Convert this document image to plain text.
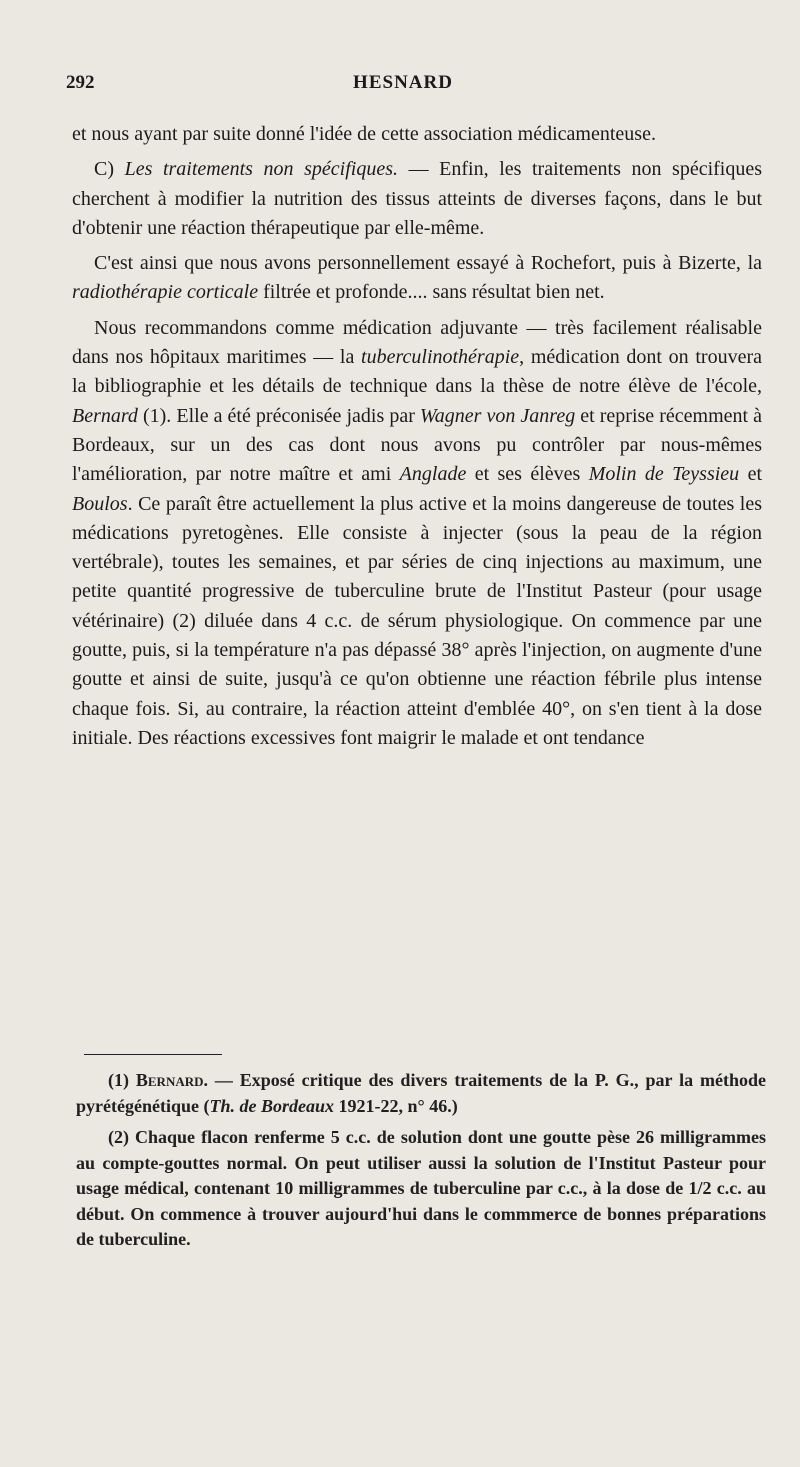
292	HESNARD

et nous ayant par suite donné l'idée de cette association médicamenteuse.

C) Les traitements non spécifiques. — Enfin, les traitements non spécifiques cherchent à modifier la nutrition des tissus atteints de diverses façons, dans le but d'obtenir une réaction thérapeutique par elle-même.

C'est ainsi que nous avons personnellement essayé à Rochefort, puis à Bizerte, la radiothérapie corticale filtrée et profonde.... sans résultat bien net.

Nous recommandons comme médication adjuvante — très facilement réalisable dans nos hôpitaux maritimes — la tuberculinothérapie, médication dont on trouvera la bibliographie et les détails de technique dans la thèse de notre élève de l'école, Bernard (1). Elle a été préconisée jadis par Wagner von Janreg et reprise récemment à Bordeaux, sur un des cas dont nous avons pu contrôler par nous-mêmes l'amélioration, par notre maître et ami Anglade et ses élèves Molin de Teyssieu et Boulos. Ce paraît être actuellement la plus active et la moins dangereuse de toutes les médications pyretogènes. Elle consiste à injecter (sous la peau de la région vertébrale), toutes les semaines, et par séries de cinq injections au maximum, une petite quantité progressive de tuberculine brute de l'Institut Pasteur (pour usage vétérinaire) (2) diluée dans 4 c.c. de sérum physiologique. On commence par une goutte, puis, si la température n'a pas dépassé 38° après l'injection, on augmente d'une goutte et ainsi de suite, jusqu'à ce qu'on obtienne une réaction fébrile plus intense chaque fois. Si, au contraire, la réaction atteint d'emblée 40°, on s'en tient à la dose initiale. Des réactions excessives font maigrir le malade et ont tendance

(1) Bernard. — Exposé critique des divers traitements de la P. G., par la méthode pyrétégénétique (Th. de Bordeaux 1921-22, n° 46.)

(2) Chaque flacon renferme 5 c.c. de solution dont une goutte pèse 26 milligrammes au compte-gouttes normal. On peut utiliser aussi la solution de l'Institut Pasteur pour usage médical, contenant 10 milligrammes de tuberculine par c.c., à la dose de 1/2 c.c. au début. On commence à trouver aujourd'hui dans le commmerce de bonnes préparations de tuberculine.
